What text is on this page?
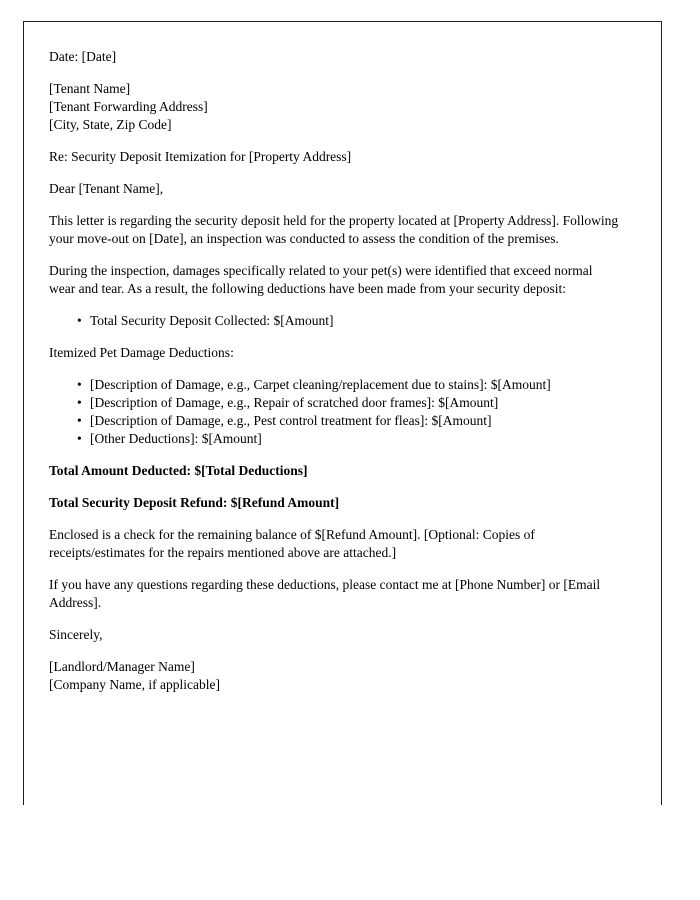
Date: [Date]

[Tenant Name]

[Tenant Forwarding Address]

[City, State, Zip Code]

Re: Security Deposit Itemization for [Property Address]

Dear [Tenant Name],

This letter is regarding the security deposit held for the property located at [Property Address]. Following your move-out on [Date], an inspection was conducted to assess the condition of the premises.

During the inspection, damages specifically related to your pet(s) were identified that exceed normal wear and tear. As a result, the following deductions have been made from your security deposit:

• Total Security Deposit Collected: $[Amount]

Itemized Pet Damage Deductions:

• [Description of Damage, e.g., Carpet cleaning/replacement due to stains]: $[Amount]
• [Description of Damage, e.g., Repair of scratched door frames]: $[Amount]
• [Description of Damage, e.g., Pest control treatment for fleas]: $[Amount]
• [Other Deductions]: $[Amount]

Total Amount Deducted: $[Total Deductions]

Total Security Deposit Refund: $[Refund Amount]

Enclosed is a check for the remaining balance of $[Refund Amount]. [Optional: Copies of receipts/estimates for the repairs mentioned above are attached.]

If you have any questions regarding these deductions, please contact me at [Phone Number] or [Email Address].

Sincerely,

[Landlord/Manager Name]

[Company Name, if applicable]
